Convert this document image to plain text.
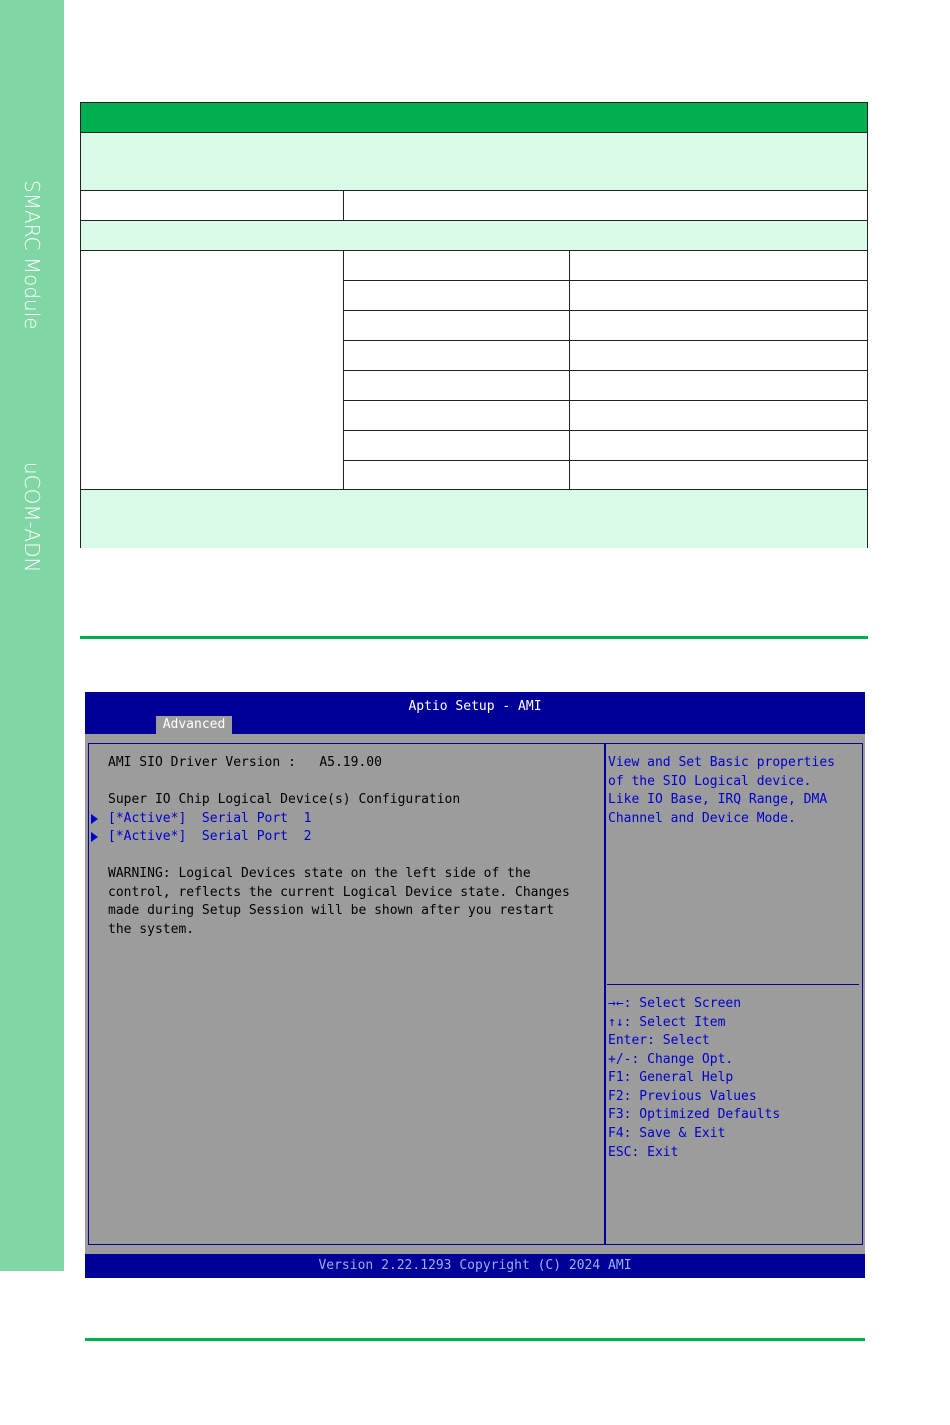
SMARC Module
uCOM-ADN
Aptio Setup - AMI
Advanced
AMI SIO Driver Version :   A5.19.00
Super IO Chip Logical Device(s) Configuration
[*Active*]  Serial Port  1
[*Active*]  Serial Port  2
WARNING: Logical Devices state on the left side of the
control, reflects the current Logical Device state. Changes
made during Setup Session will be shown after you restart
the system.
View and Set Basic properties
of the SIO Logical device.
Like IO Base, IRQ Range, DMA
Channel and Device Mode.
→←: Select Screen
↑↓: Select Item
Enter: Select
+/-: Change Opt.
F1: General Help
F2: Previous Values
F3: Optimized Defaults
F4: Save & Exit
ESC: Exit
Version 2.22.1293 Copyright (C) 2024 AMI
